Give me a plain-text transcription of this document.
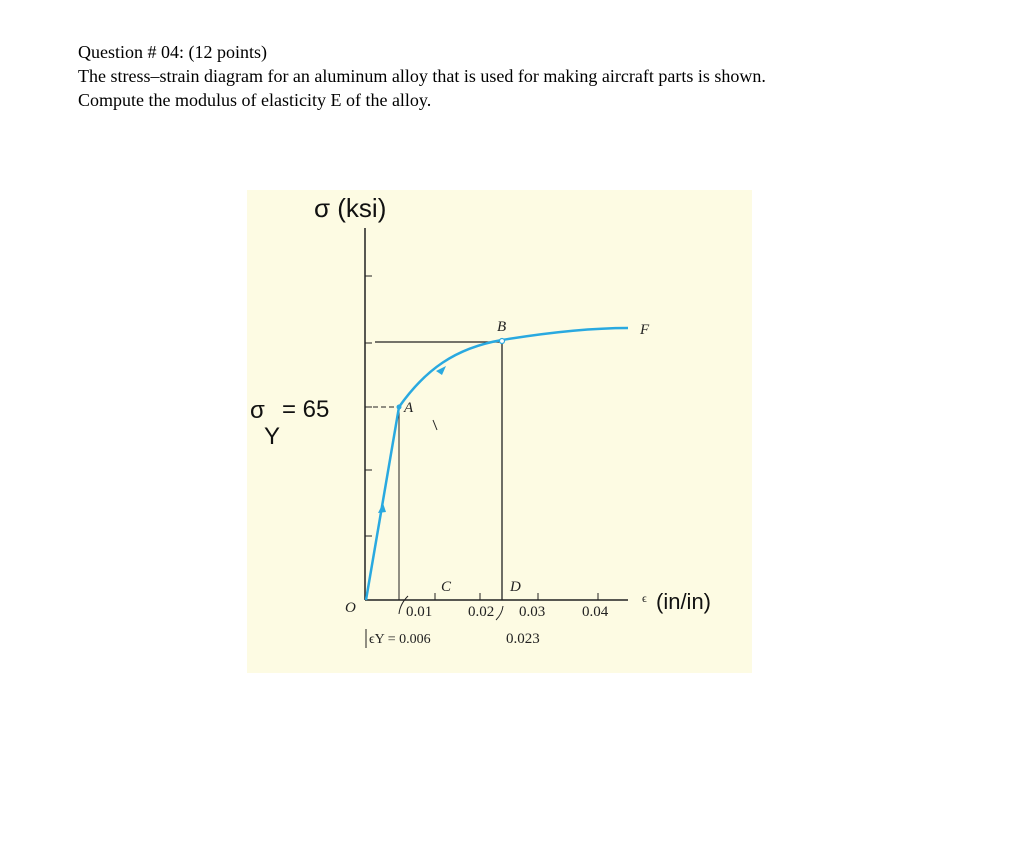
Question # 04: (12 points)
The stress–strain diagram for an aluminum alloy that is used for making aircraft parts is shown.
Compute the modulus of elasticity E of the alloy.
σ (ksi)
σ = 65
Y
A
B	F
C	D
O	0.01 0.02 0.03 0.04
ϵY = 0.006	0.023
ϵ (in/in)
